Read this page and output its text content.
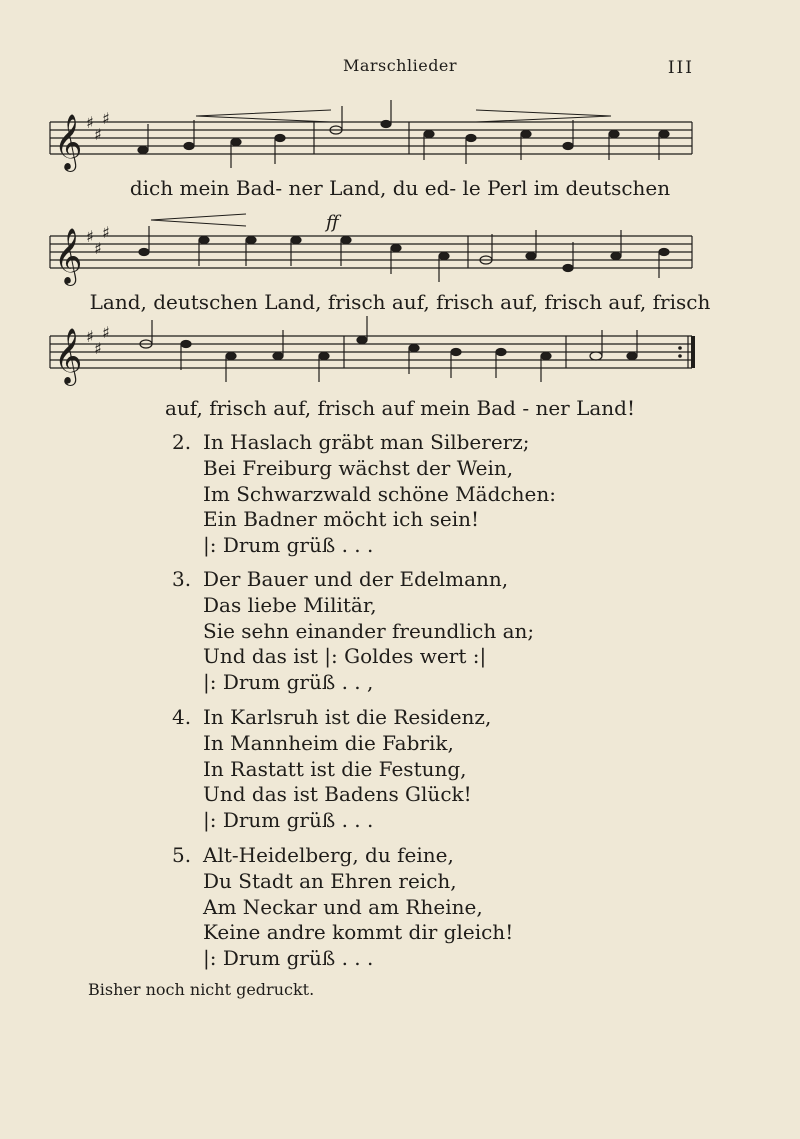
Marschlieder	III
𝄞 ♯
♯
♯
dich mein Bad- ner Land, du ed- le Perl im deutschen
𝄞 ♯
♯
♯	ff
Land, deutschen Land, frisch auf, frisch auf, frisch auf, frisch
𝄞 ♯
♯
♯
auf, frisch auf, frisch auf mein Bad - ner Land!
2. In Haslach gräbt man Silbererz;
Bei Freiburg wächst der Wein,
Im Schwarzwald schöne Mädchen:
Ein Badner möcht ich sein!
|: Drum grüß . . .
3. Der Bauer und der Edelmann,
Das liebe Militär,
Sie sehn einander freundlich an;
Und das ist |: Goldes wert :|
|: Drum grüß . . ,
4. In Karlsruh ist die Residenz,
In Mannheim die Fabrik,
In Rastatt ist die Festung,
Und das ist Badens Glück!
|: Drum grüß . . .
5. Alt-Heidelberg, du feine,
Du Stadt an Ehren reich,
Am Neckar und am Rheine,
Keine andre kommt dir gleich!
|: Drum grüß . . .
Bisher noch nicht gedruckt.
